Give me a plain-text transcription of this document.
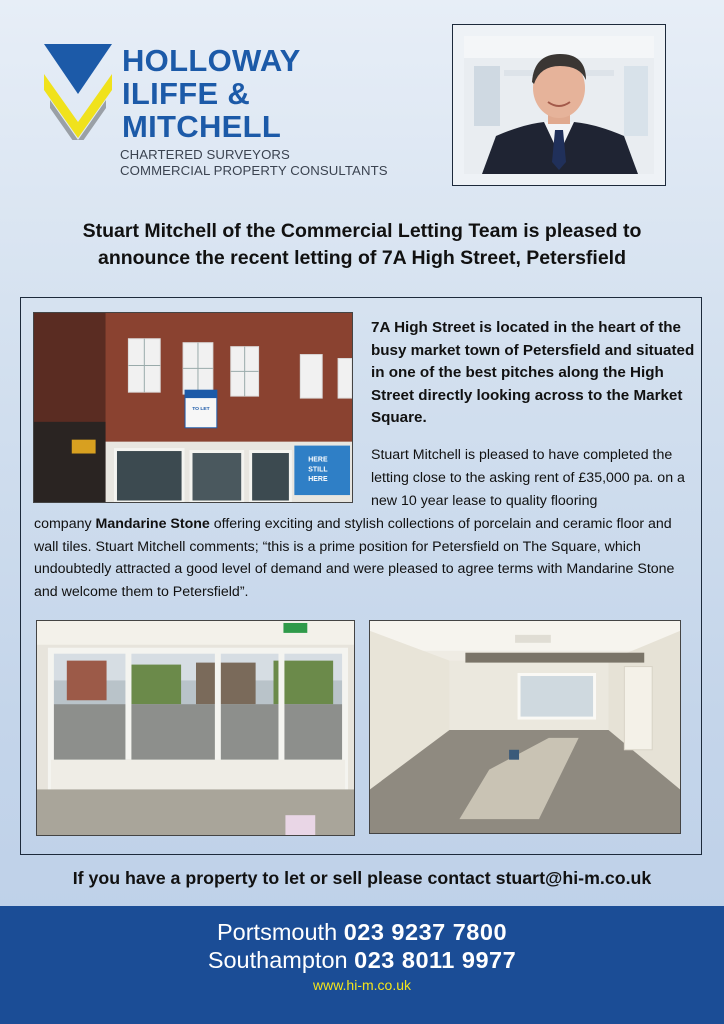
HOLLOWAY
ILIFFE &
MITCHELL
CHARTERED SURVEYORS
COMMERCIAL PROPERTY CONSULTANTS
Stuart Mitchell of the Commercial Letting Team is pleased to
announce the recent letting of 7A High Street, Petersfield
TO LET
HERE
STILL
HERE
7A High Street is located in the heart of the busy market town of Petersfield and situated in one of the best pitches along the High Street directly looking across to the Market Square.
Stuart Mitchell is pleased to have completed the letting close to the asking rent of £35,000 pa. on a new 10 year lease to quality flooring
company Mandarine Stone offering exciting and stylish collections of porcelain and ceramic floor and wall tiles. Stuart Mitchell comments; “this is a prime position for Petersfield on The Square, which undoubtedly attracted a good level of demand and were pleased to agree terms with Mandarine Stone and welcome them to Petersfield”.
If you have a property to let or sell please contact stuart@hi-m.co.uk
Portsmouth 023 9237 7800
Southampton 023 8011 9977
www.hi-m.co.uk
